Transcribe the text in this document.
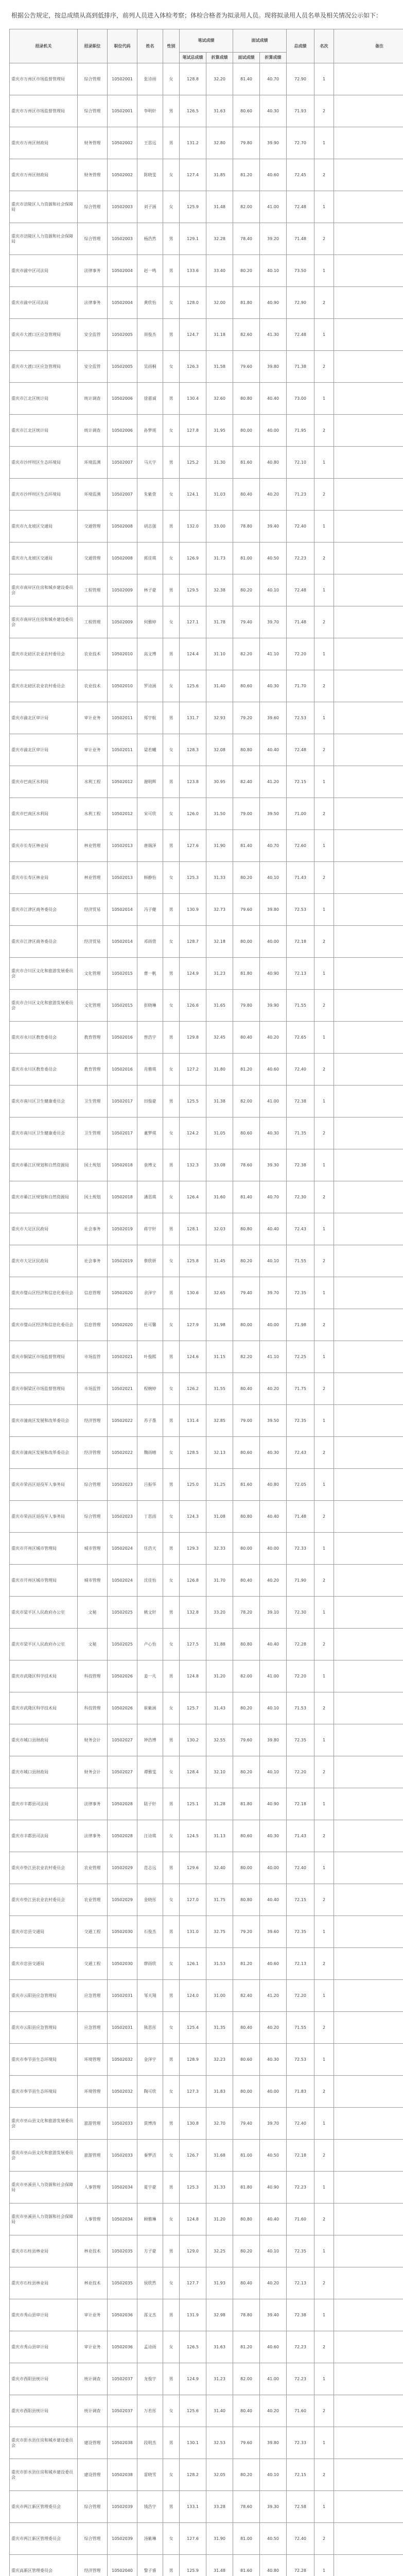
根据公告规定，按总成绩从高到低排序，前列人员进入体检考察；体检合格者为拟录用人员。现将拟录用人员名单及相关情况公示如下：

招录机关	招录职位	职位代码	姓名	性别	笔试成绩		面试成绩		总成绩	名次	备注
					笔试总成绩	折算成绩	面试成绩	折算成绩			
重庆市万州区市场监督管理局	综合管理	10502001	张诗雨	女	128.8	32.20	81.40	40.70	72.90	1	
重庆市万州区市场监督管理局	综合管理	10502001	李明轩	男	126.5	31.63	80.60	40.30	71.93	2	
重庆市万州区财政局	财务管理	10502002	王思远	男	131.2	32.80	79.80	39.90	72.70	1	
重庆市万州区财政局	财务管理	10502002	陈晓雯	女	127.4	31.85	81.20	40.60	72.45	2	
重庆市涪陵区人力资源和社会保障局	综合管理	10502003	刘子涵	女	125.9	31.48	82.00	41.00	72.48	1	
重庆市涪陵区人力资源和社会保障局	综合管理	10502003	杨浩然	男	129.1	32.28	78.40	39.20	71.48	2	
重庆市渝中区司法局	法律事务	10502004	赵一鸣	男	133.6	33.40	80.20	40.10	73.50	1	
重庆市渝中区司法局	法律事务	10502004	黄欣怡	女	128.0	32.00	81.80	40.90	72.90	2	
重庆市大渡口区应急管理局	安全监管	10502005	周俊杰	男	124.7	31.18	82.60	41.30	72.48	1	
重庆市大渡口区应急管理局	安全监管	10502005	吴雨桐	女	126.3	31.58	79.60	39.80	71.38	2	
重庆市江北区统计局	统计调查	10502006	徐嘉诚	男	130.4	32.60	80.80	40.40	73.00	1	
重庆市江北区统计局	统计调查	10502006	孙梦瑶	女	127.8	31.95	80.00	40.00	71.95	2	
重庆市沙坪坝区生态环境局	环境监测	10502007	马天宇	男	125.2	31.30	81.60	40.80	72.10	1	
重庆市沙坪坝区生态环境局	环境监测	10502007	朱紫萱	女	124.1	31.03	80.40	40.20	71.23	2	
重庆市九龙坡区交通局	交通管理	10502008	胡志强	男	132.0	33.00	78.80	39.40	72.40	1	
重庆市九龙坡区交通局	交通管理	10502008	郭佳琪	女	126.9	31.73	81.00	40.50	72.23	2	
重庆市南岸区住房和城乡建设委员会	工程管理	10502009	林子豪	男	129.5	32.38	80.20	40.10	72.48	1	
重庆市南岸区住房和城乡建设委员会	工程管理	10502009	何雅婷	女	127.1	31.78	79.40	39.70	71.48	2	
重庆市北碚区农业农村委员会	农业技术	10502010	高文博	男	124.4	31.10	82.20	41.10	72.20	1	
重庆市北碚区农业农村委员会	农业技术	10502010	罗诗涵	女	125.6	31.40	80.60	40.30	71.70	2	
重庆市渝北区审计局	审计业务	10502011	郑宇航	男	131.7	32.93	79.20	39.60	72.53	1	
重庆市渝北区审计局	审计业务	10502011	梁若曦	女	128.3	32.08	80.80	40.40	72.48	2	
重庆市巴南区水利局	水利工程	10502012	谢明辉	男	123.8	30.95	82.40	41.20	72.15	1	
重庆市巴南区水利局	水利工程	10502012	宋可欣	女	126.0	31.50	79.00	39.50	71.00	2	
重庆市长寿区林业局	林业管理	10502013	唐瑞泽	男	127.6	31.90	81.40	40.70	72.60	1	
重庆市长寿区林业局	林业管理	10502013	韩静怡	女	125.3	31.33	80.20	40.10	71.43	2	
重庆市江津区商务委员会	经济贸易	10502014	冯子健	男	130.9	32.73	79.60	39.80	72.53	1	
重庆市江津区商务委员会	经济贸易	10502014	邓雨萱	女	128.7	32.18	80.00	40.00	72.18	2	
重庆市合川区文化和旅游发展委员会	文化管理	10502015	曹一帆	男	124.9	31.23	81.80	40.90	72.13	1	
重庆市合川区文化和旅游发展委员会	文化管理	10502015	彭晓琳	女	126.6	31.65	79.80	39.90	71.55	2	
重庆市永川区教育委员会	教育管理	10502016	曾浩宇	男	129.8	32.45	80.40	40.20	72.65	1	
重庆市永川区教育委员会	教育管理	10502016	肖雅琪	女	127.2	31.80	81.20	40.60	72.40	2	
重庆市南川区卫生健康委员会	卫生管理	10502017	田俊豪	男	125.5	31.38	82.00	41.00	72.38	1	
重庆市南川区卫生健康委员会	卫生管理	10502017	董梦琪	女	124.2	31.05	80.60	40.30	71.35	2	
重庆市綦江区规划和自然资源局	国土规划	10502018	袁博文	男	132.3	33.08	78.60	39.30	72.38	1	
重庆市綦江区规划和自然资源局	国土规划	10502018	潘思琪	女	126.4	31.60	81.40	40.70	72.30	2	
重庆市大足区民政局	社会事务	10502019	蒋宇轩	男	128.1	32.03	80.80	40.40	72.43	1	
重庆市大足区民政局	社会事务	10502019	蔡欣妍	女	125.8	31.45	80.20	40.10	71.55	2	
重庆市璧山区经济和信息化委员会	信息管理	10502020	余泽宇	男	130.6	32.65	79.40	39.70	72.35	1	
重庆市璧山区经济和信息化委员会	信息管理	10502020	杜可馨	女	127.9	31.98	80.00	40.00	71.98	2	
重庆市铜梁区市场监督管理局	市场监管	10502021	叶俊熙	男	124.6	31.15	82.20	41.10	72.25	1	
重庆市铜梁区市场监督管理局	市场监管	10502021	程婉婷	女	126.2	31.55	80.40	40.20	71.75	2	
重庆市潼南区发展和改革委员会	经济管理	10502022	苏子墨	男	131.4	32.85	79.00	39.50	72.35	1	
重庆市潼南区发展和改革委员会	经济管理	10502022	魏雨晴	女	128.5	32.13	80.60	40.30	72.43	2	
重庆市荣昌区退役军人事务局	综合管理	10502023	吕振华	男	125.0	31.25	81.60	40.80	72.05	1	
重庆市荣昌区退役军人事务局	综合管理	10502023	丁思雨	女	124.3	31.08	80.80	40.40	71.48	2	
重庆市开州区城市管理局	城市管理	10502024	任浩天	男	129.3	32.33	80.00	40.00	72.33	1	
重庆市开州区城市管理局	城市管理	10502024	沈佳怡	女	126.8	31.70	80.40	40.20	71.90	2	
重庆市梁平区人民政府办公室	文秘	10502025	姚文轩	男	132.8	33.20	78.20	39.10	72.30	1	
重庆市梁平区人民政府办公室	文秘	10502025	卢心怡	女	127.5	31.88	80.80	40.40	72.28	2	
重庆市武隆区科学技术局	科技管理	10502026	姜一凡	男	124.8	31.20	82.00	41.00	72.20	1	
重庆市武隆区科学技术局	科技管理	10502026	崔紫涵	女	125.7	31.43	80.20	40.10	71.53	2	
重庆市城口县财政局	财务会计	10502027	钟浩博	男	130.2	32.55	79.60	39.80	72.35	1	
重庆市城口县财政局	财务会计	10502027	谭雅雯	女	128.4	32.10	80.20	40.10	72.20	2	
重庆市丰都县司法局	法律事务	10502028	陆子轩	男	125.1	31.28	81.80	40.90	72.18	1	
重庆市丰都县司法局	法律事务	10502028	汪诗琪	女	124.5	31.13	80.60	40.30	71.43	2	
重庆市垫江县农业农村委员会	农业管理	10502029	范志远	男	129.6	32.40	80.00	40.00	72.40	1	
重庆市垫江县农业农村委员会	农业管理	10502029	金晓彤	女	127.0	31.75	80.80	40.40	72.15	2	
重庆市忠县交通局	交通工程	10502030	石俊杰	男	131.0	32.75	79.20	39.60	72.35	1	
重庆市忠县交通局	交通工程	10502030	廖雨欣	女	126.1	31.53	81.20	40.60	72.13	2	
重庆市云阳县应急管理局	应急管理	10502031	邹天翔	男	124.0	31.00	82.40	41.20	72.20	1	
重庆市云阳县应急管理局	应急管理	10502031	熊思彤	女	125.4	31.35	80.40	40.20	71.55	2	
重庆市奉节县生态环境局	环境管理	10502032	金泽宇	男	128.9	32.23	80.60	40.30	72.53	1	
重庆市奉节县生态环境局	环境管理	10502032	陶可欣	女	127.3	31.83	80.00	40.00	71.83	2	
重庆市巫山县文化和旅游发展委员会	旅游管理	10502033	贾博涛	男	130.8	32.70	79.40	39.70	72.40	1	
重庆市巫山县文化和旅游发展委员会	旅游管理	10502033	秦梦洁	女	126.7	31.68	81.00	40.50	72.18	2	
重庆市巫溪县人力资源和社会保障局	人事管理	10502034	夏宇豪	男	125.3	31.33	81.80	40.90	72.23	1	
重庆市巫溪县人力资源和社会保障局	人事管理	10502034	顾雅琳	女	124.8	31.20	80.80	40.40	71.60	2	
重庆市石柱县林业局	林业技术	10502035	方子豪	男	129.0	32.25	80.20	40.10	72.35	1	
重庆市石柱县林业局	林业技术	10502035	侯欣然	女	127.7	31.93	80.40	40.20	72.13	2	
重庆市秀山县审计局	审计业务	10502036	邵文杰	男	131.9	32.98	78.80	39.40	72.38	1	
重庆市秀山县审计局	审计业务	10502036	孟诗雨	女	126.5	31.63	81.20	40.60	72.23	2	
重庆市酉阳县统计局	统计调查	10502037	龙俊宇	男	124.9	31.23	82.00	41.00	72.23	1	
重庆市酉阳县统计局	统计调查	10502037	万若彤	女	125.6	31.40	80.40	40.20	71.60	2	
重庆市彭水县住房和城乡建设委员会	建设管理	10502038	段明杰	男	130.1	32.53	79.60	39.80	72.33	1	
重庆市彭水县住房和城乡建设委员会	建设管理	10502038	雷晓雪	女	128.2	32.05	80.20	40.10	72.15	2	
重庆市两江新区管理委员会	综合管理	10502039	钱浩宇	男	133.1	33.28	78.60	39.30	72.58	1	
重庆市两江新区管理委员会	综合管理	10502039	汤紫琳	女	127.6	31.90	81.00	40.50	72.40	2	
重庆高新区管理委员会	经济管理	10502040	黎子睿	男	125.9	31.48	81.60	40.80	72.28	1	
